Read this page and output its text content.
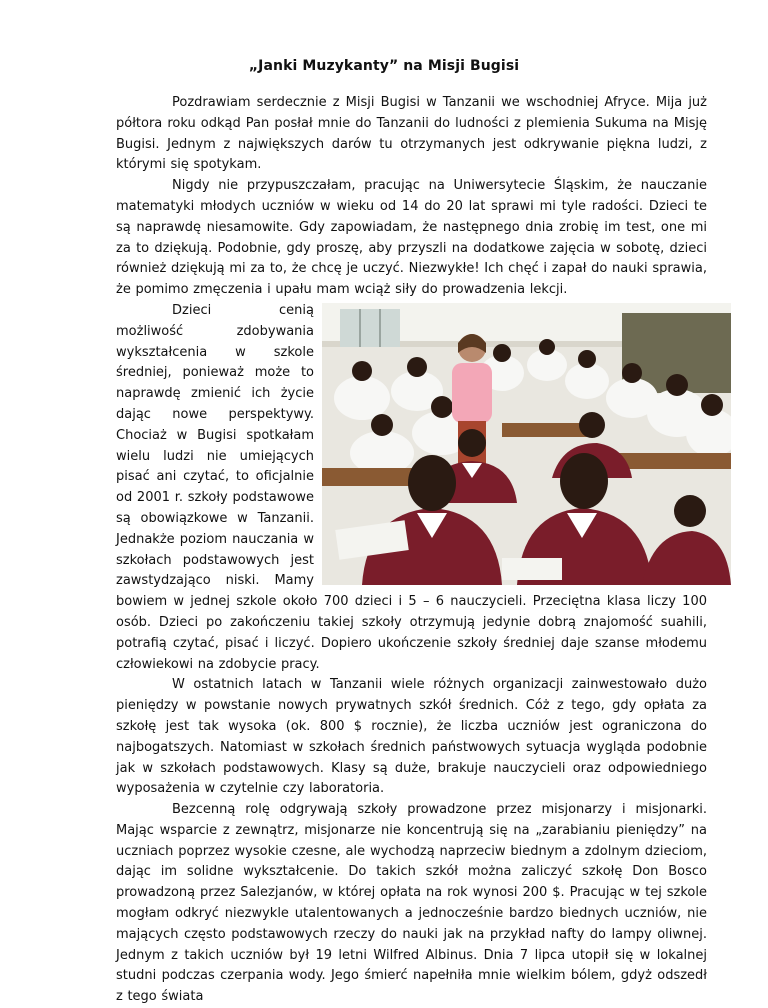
„Janki Muzykanty” na Misji Bugisi

Pozdrawiam serdecznie z Misji Bugisi w Tanzanii we wschodniej Afryce. Mija już półtora roku odkąd Pan posłał mnie do Tanzanii do ludności z plemienia Sukuma na Misję Bugisi. Jednym z największych darów tu otrzymanych jest odkrywanie piękna ludzi, z którymi się spotykam.

Nigdy nie przypuszczałam, pracując na Uniwersytecie Śląskim, że nauczanie matematyki młodych uczniów w wieku od 14 do 20 lat sprawi mi tyle radości. Dzieci te są naprawdę niesamowite. Gdy zapowiadam, że następnego dnia zrobię im test, one mi za to dziękują. Podobnie, gdy proszę, aby przyszli na dodatkowe zajęcia w sobotę, dzieci również dziękują mi za to, że chcę je uczyć. Niezwykłe! Ich chęć i zapał do nauki sprawia, że pomimo zmęczenia i upału mam wciąż siły do prowadzenia lekcji.

Dzieci cenią możliwość zdobywania wykształcenia w szkole średniej, ponieważ może to naprawdę zmienić ich życie dając nowe perspektywy. Chociaż w Bugisi spotkałam wielu ludzi nie umiejących pisać ani czytać, to oficjalnie od 2001 r. szkoły podstawowe są obowiązkowe w Tanzanii. Jednakże poziom nauczania w szkołach podstawowych jest zawstydzająco niski. Mamy bowiem w jednej szkole około 700 dzieci i 5 – 6 nauczycieli. Przeciętna klasa liczy 100 osób. Dzieci po zakończeniu takiej szkoły otrzymują jedynie dobrą znajomość suahili, potrafią czytać, pisać i liczyć. Dopiero ukończenie szkoły średniej daje szanse młodemu człowiekowi na zdobycie pracy.

W ostatnich latach w Tanzanii wiele różnych organizacji zainwestowało dużo pieniędzy w powstanie nowych prywatnych szkół średnich. Cóż z tego, gdy opłata za szkołę jest tak wysoka (ok. 800 $ rocznie), że liczba uczniów jest ograniczona do najbogatszych. Natomiast w szkołach średnich państwowych sytuacja wygląda podobnie jak w szkołach podstawowych. Klasy są duże, brakuje nauczycieli oraz odpowiedniego wyposażenia w czytelnie czy laboratoria.

Bezcenną rolę odgrywają szkoły prowadzone przez misjonarzy i misjonarki. Mając wsparcie z zewnątrz, misjonarze nie koncentrują się na „zarabianiu pieniędzy” na uczniach poprzez wysokie czesne, ale wychodzą naprzeciw biednym a zdolnym dzieciom, dając im solidne wykształcenie. Do takich szkół można zaliczyć szkołę Don Bosco prowadzoną przez Salezjanów, w której opłata na rok wynosi 200 $. Pracując w tej szkole mogłam odkryć niezwykle utalentowanych a jednocześnie bardzo biednych uczniów, nie mających często podstawowych rzeczy do nauki jak na przykład nafty do lampy oliwnej. Jednym z takich uczniów był 19 letni Wilfred Albinus. Dnia 7 lipca utopił się w lokalnej studni podczas czerpania wody. Jego śmierć napełniła mnie wielkim bólem, gdyż odszedł z tego świata
